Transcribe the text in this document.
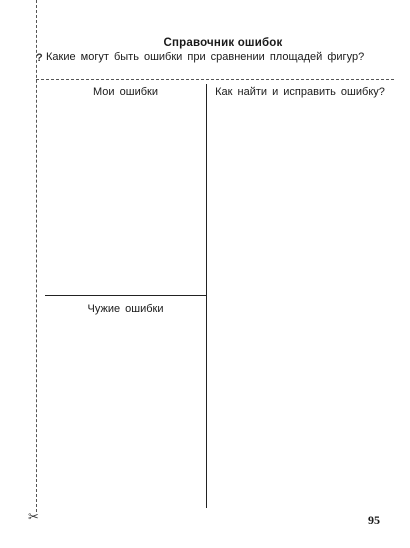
Справочник ошибок
? Какие могут быть ошибки при сравнении площадей фигур?
Мои ошибки	Как найти и исправить ошибку?
Чужие ошибки
✂	95
